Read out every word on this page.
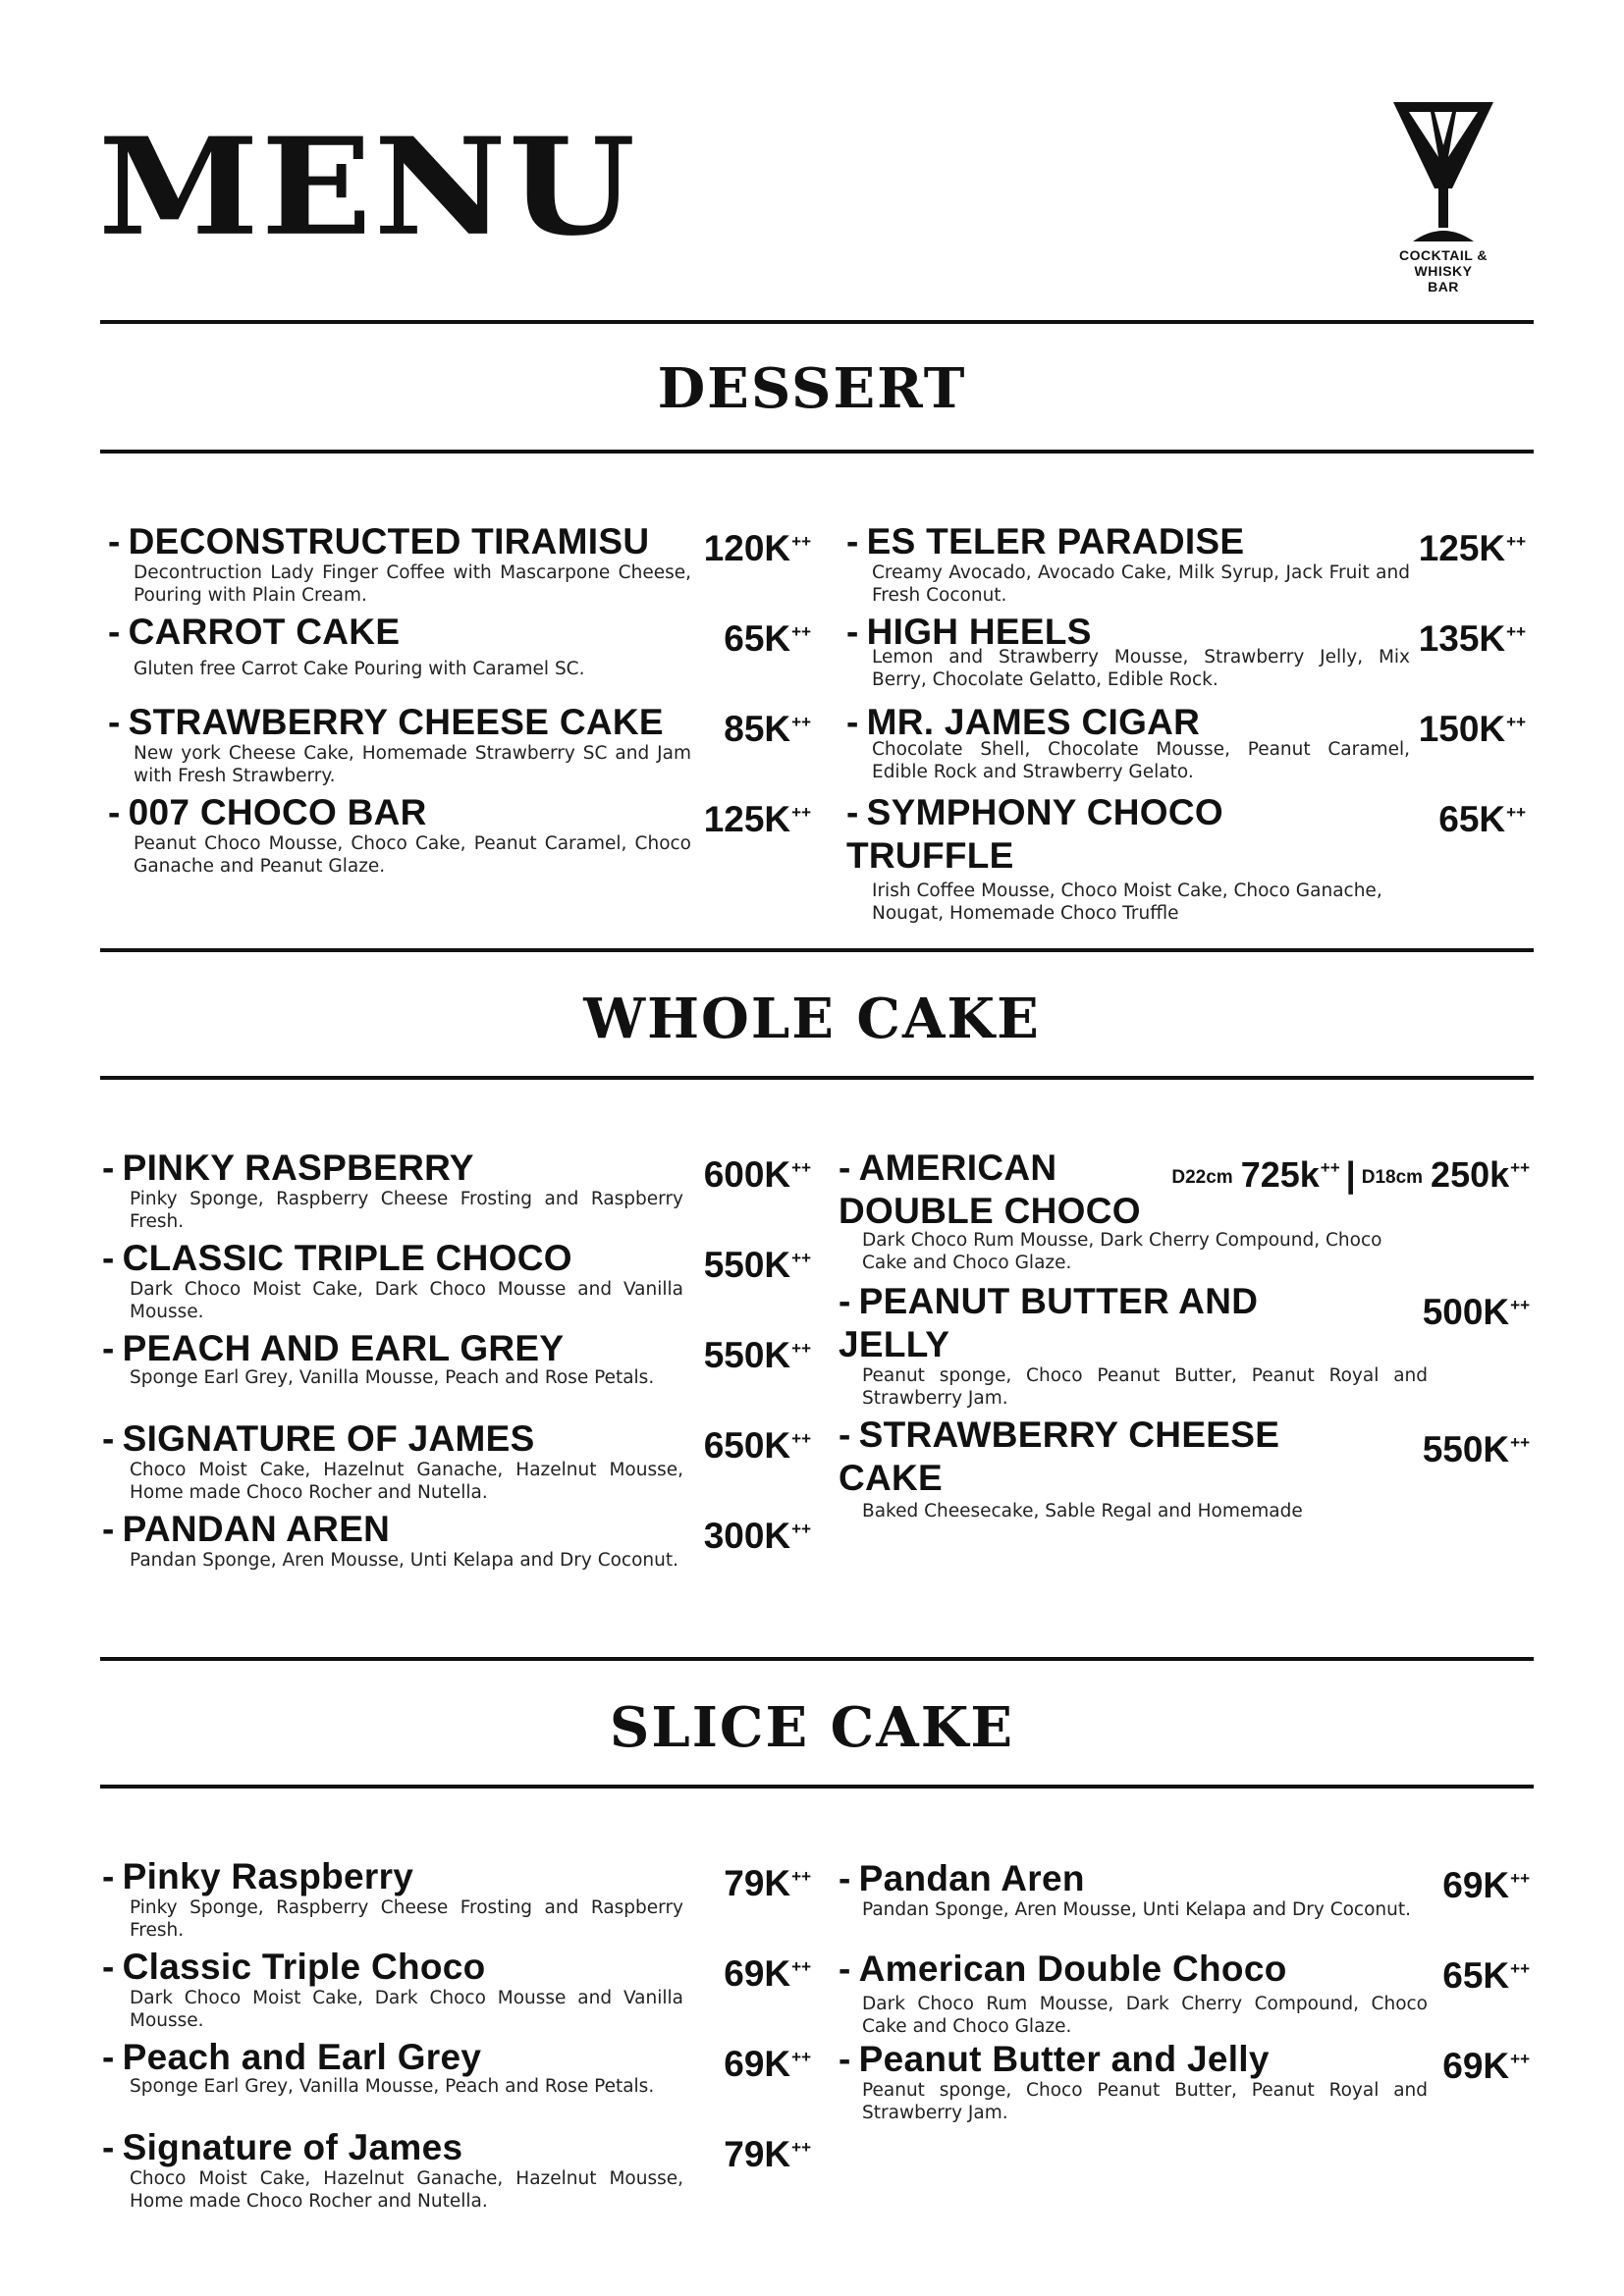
MENU	COCKTAIL & WHISKY
BAR
DESSERT
- DECONSTRUCTED TIRAMISU 120K++
Decontruction Lady Finger Coffee with Mascarpone Cheese, Pouring with Plain Cream.
- CARROT CAKE	65K++
Gluten free Carrot Cake Pouring with Caramel SC.
- STRAWBERRY CHEESE CAKE 85K++
New york Cheese Cake, Homemade Strawberry SC and Jam with Fresh Strawberry.
- 007 CHOCO BAR	125K++
Peanut Choco Mousse, Choco Cake, Peanut Caramel, Choco Ganache and Peanut Glaze.
- ES TELER PARADISE	125K++
Creamy Avocado, Avocado Cake, Milk Syrup, Jack Fruit and Fresh Coconut.
- HIGH HEELS	135K++
Lemon and Strawberry Mousse, Strawberry Jelly, Mix Berry, Chocolate Gelatto, Edible Rock.
- MR. JAMES CIGAR	150K++
Chocolate Shell, Chocolate Mousse, Peanut Caramel, Edible Rock and Strawberry Gelato.
- SYMPHONY CHOCO TRUFFLE
65K++
Irish Coffee Mousse, Choco Moist Cake, Choco Ganache, Nougat, Homemade Choco Truffle
WHOLE CAKE
- PINKY RASPBERRY	600K++
Pinky Sponge, Raspberry Cheese Frosting and Raspberry Fresh.
- CLASSIC TRIPLE CHOCO	550K++
Dark Choco Moist Cake, Dark Choco Mousse and Vanilla Mousse.
- PEACH AND EARL GREY	550K++
Sponge Earl Grey, Vanilla Mousse, Peach and Rose Petals.
- SIGNATURE OF JAMES	650K++
Choco Moist Cake, Hazelnut Ganache, Hazelnut Mousse, Home made Choco Rocher and Nutella.
- PANDAN AREN	300K++
Pandan Sponge, Aren Mousse, Unti Kelapa and Dry Coconut.
- AMERICAN DOUBLE CHOCO
D22cm 725k++ | D18cm 250k++
Dark Choco Rum Mousse, Dark Cherry Compound, Choco Cake and Choco Glaze.
- PEANUT BUTTER AND JELLY
500K++
Peanut sponge, Choco Peanut Butter, Peanut Royal and Strawberry Jam.
- STRAWBERRY CHEESE CAKE
550K++
Baked Cheesecake, Sable Regal and Homemade
SLICE CAKE
- Pinky Raspberry	79K++
Pinky Sponge, Raspberry Cheese Frosting and Raspberry Fresh.
- Classic Triple Choco	69K++
Dark Choco Moist Cake, Dark Choco Mousse and Vanilla Mousse.
- Peach and Earl Grey	69K++
Sponge Earl Grey, Vanilla Mousse, Peach and Rose Petals.
- Signature of James	79K++
Choco Moist Cake, Hazelnut Ganache, Hazelnut Mousse, Home made Choco Rocher and Nutella.
- Pandan Aren	69K++
Pandan Sponge, Aren Mousse, Unti Kelapa and Dry Coconut.
- American Double Choco	65K++
Dark Choco Rum Mousse, Dark Cherry Compound, Choco Cake and Choco Glaze.
- Peanut Butter and Jelly	69K++
Peanut sponge, Choco Peanut Butter, Peanut Royal and Strawberry Jam.
